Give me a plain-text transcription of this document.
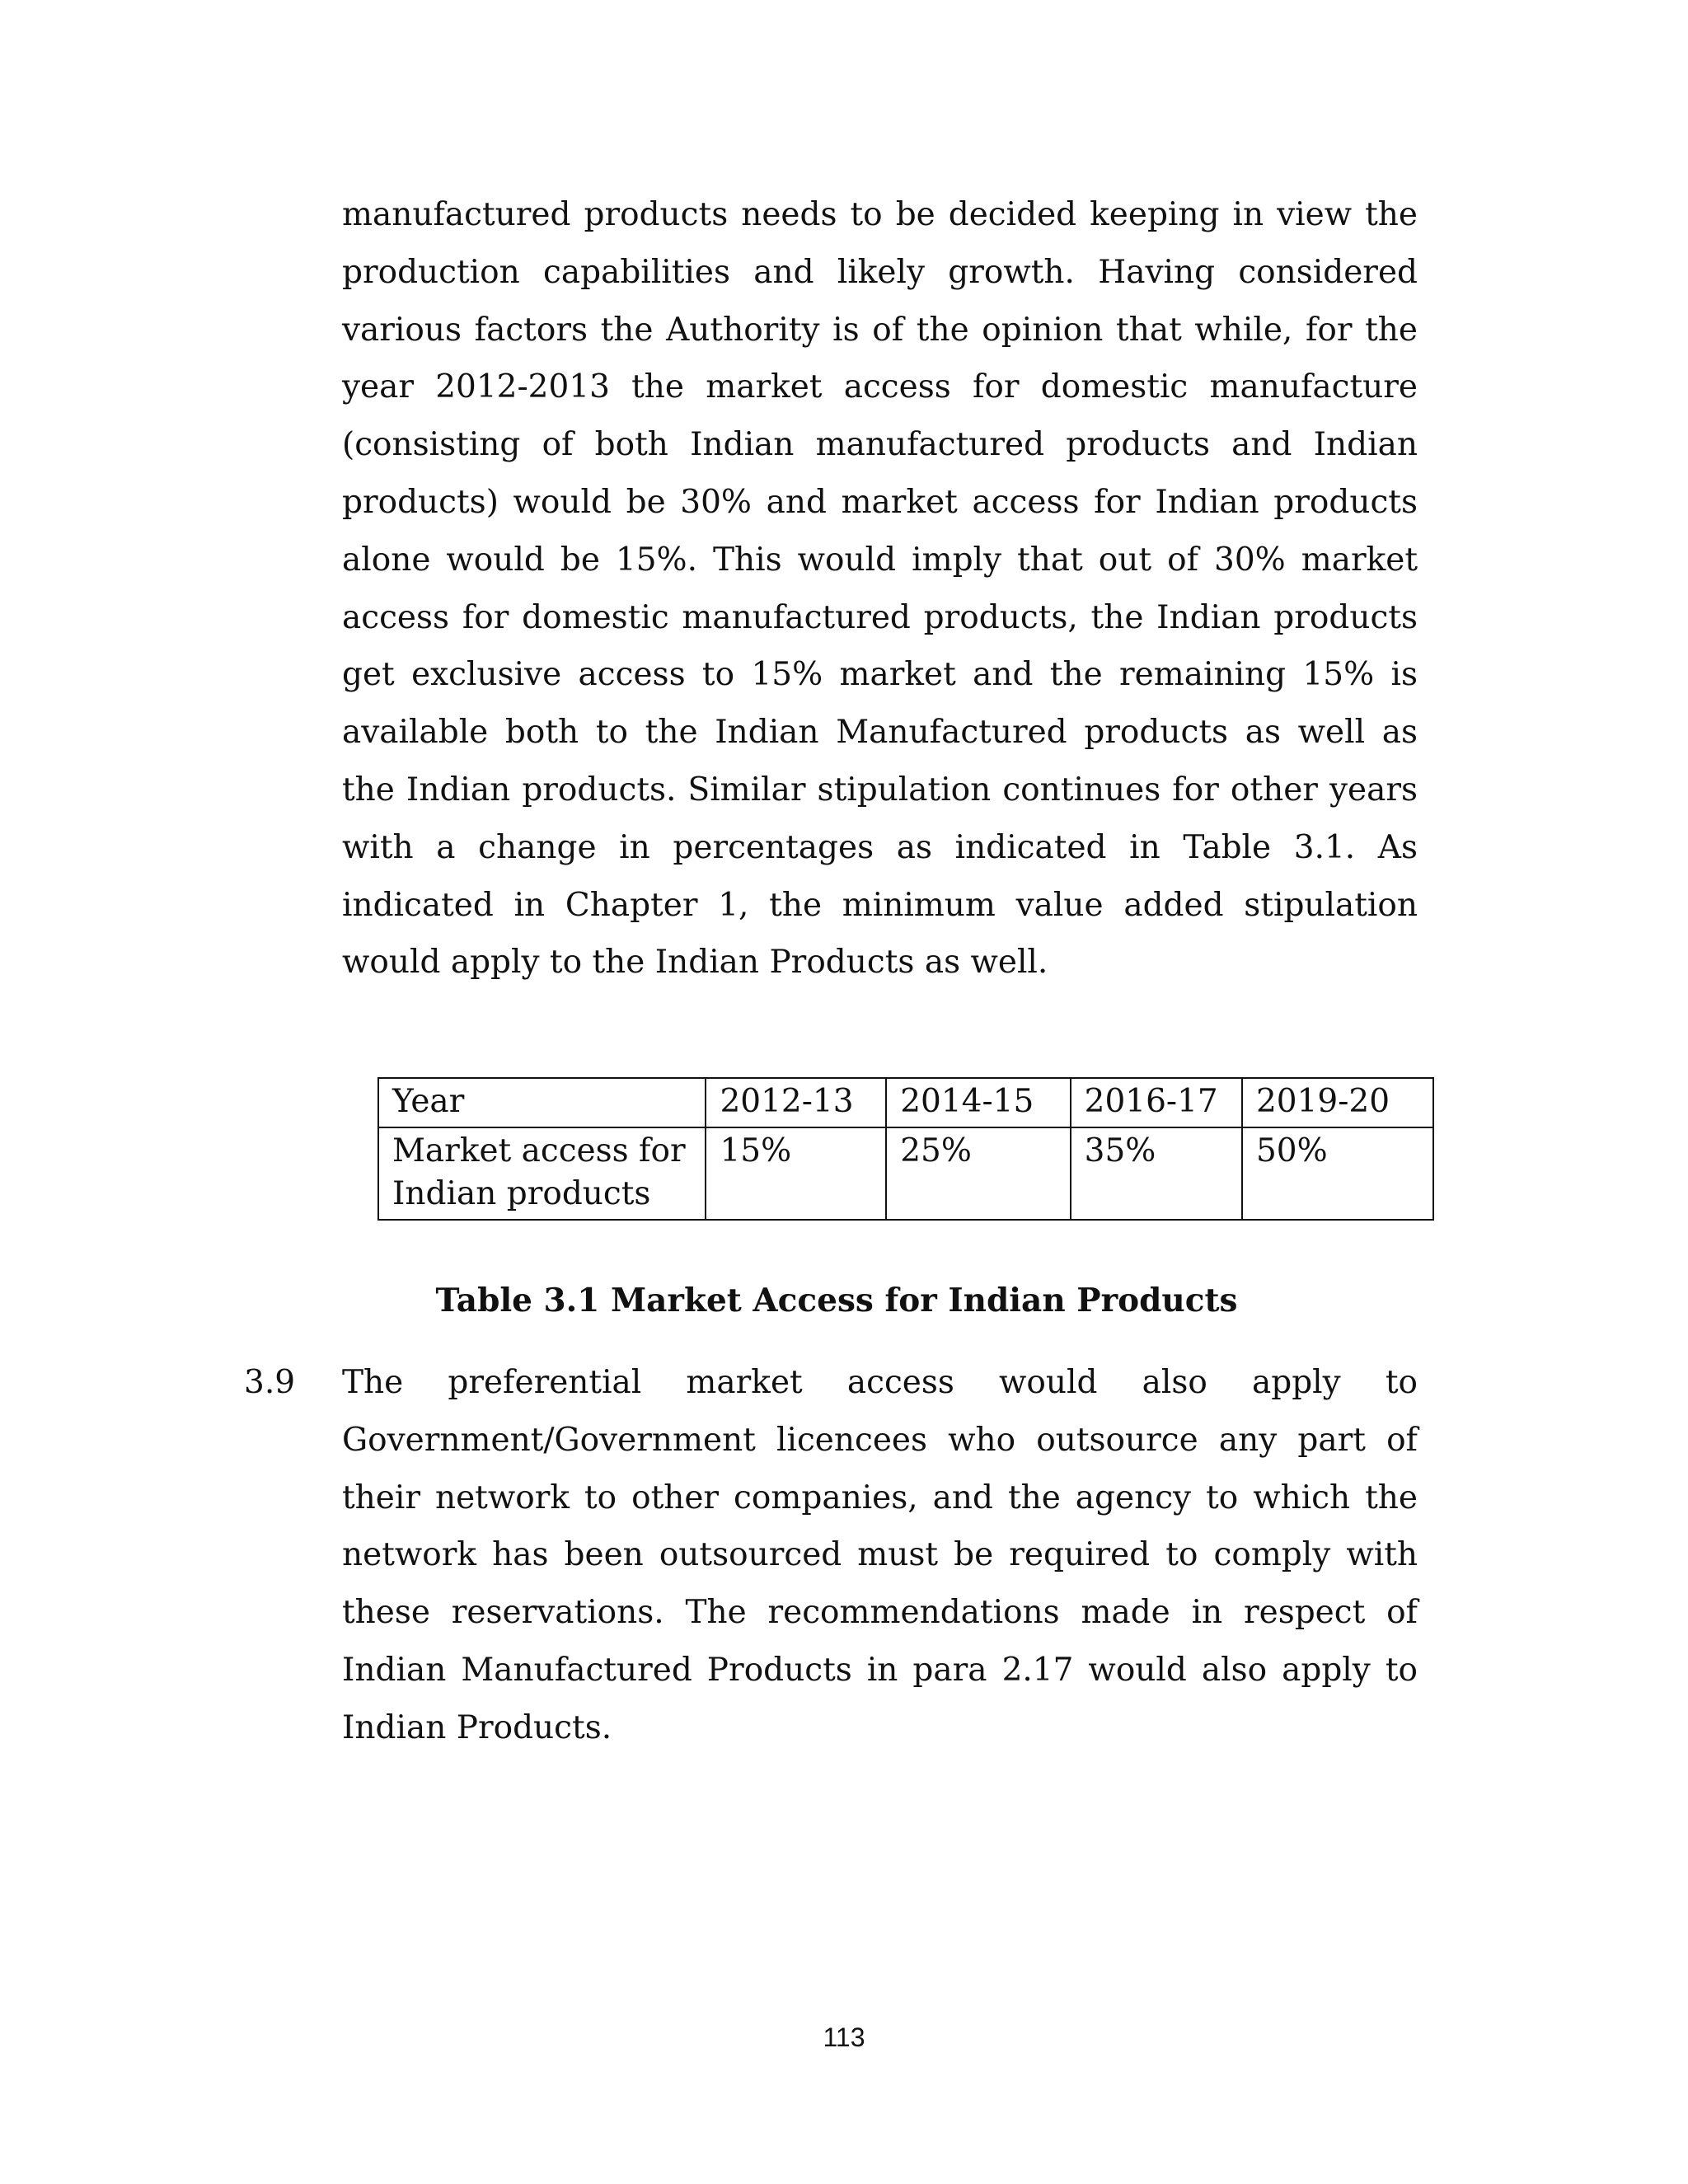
manufactured products needs to be decided keeping in view the production capabilities and likely growth. Having considered various factors the Authority is of the opinion that while, for the year 2012-2013 the market access for domestic manufacture (consisting of both Indian manufactured products and Indian products) would be 30% and market access for Indian products alone would be 15%. This would imply that out of 30% market access for domestic manufactured products, the Indian products get exclusive access to 15% market and the remaining 15% is available both to the Indian Manufactured products as well as the Indian products. Similar stipulation continues for other years with a change in percentages as indicated in Table 3.1. As indicated in Chapter 1, the minimum value added stipulation would apply to the Indian Products as well.

Year	2012-13	2014-15	2016-17	2019-20
Market access for Indian products	15%	25%	35%	50%

Table 3.1 Market Access for Indian Products

3.9 The preferential market access would also apply to Government/Government licencees who outsource any part of their network to other companies, and the agency to which the network has been outsourced must be required to comply with these reservations. The recommendations made in respect of Indian Manufactured Products in para 2.17 would also apply to Indian Products.

113
